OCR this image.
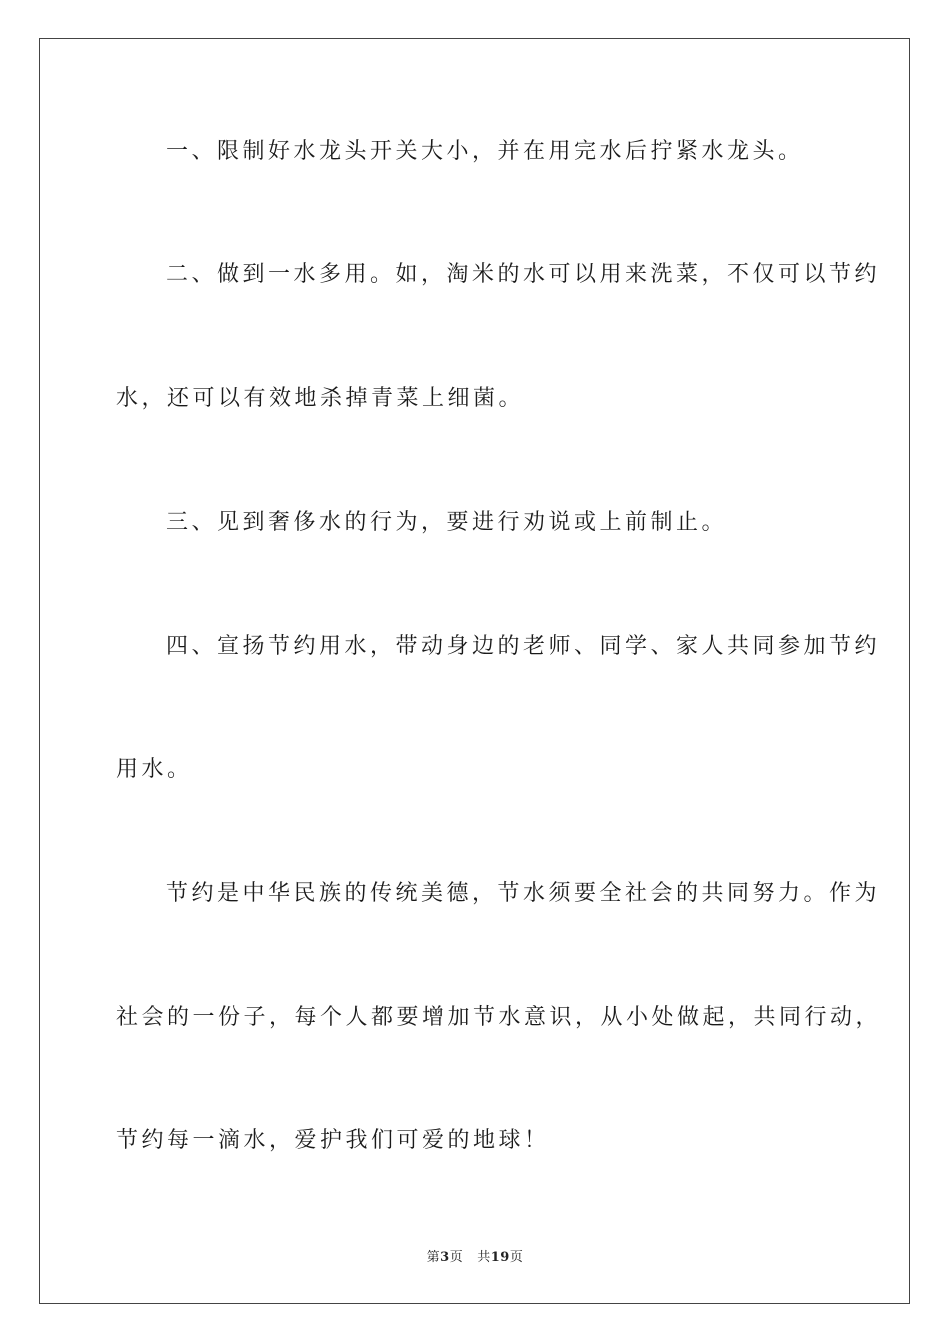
一、限制好水龙头开关大小，并在用完水后拧紧水龙头。
二、做到一水多用。如，淘米的水可以用来洗菜，不仅可以节约
水，还可以有效地杀掉青菜上细菌。
三、见到奢侈水的行为，要进行劝说或上前制止。
四、宣扬节约用水，带动身边的老师、同学、家人共同参加节约
用水。
节约是中华民族的传统美德，节水须要全社会的共同努力。作为
社会的一份子，每个人都要增加节水意识，从小处做起，共同行动，
节约每一滴水，爱护我们可爱的地球！
第3页 共19页
